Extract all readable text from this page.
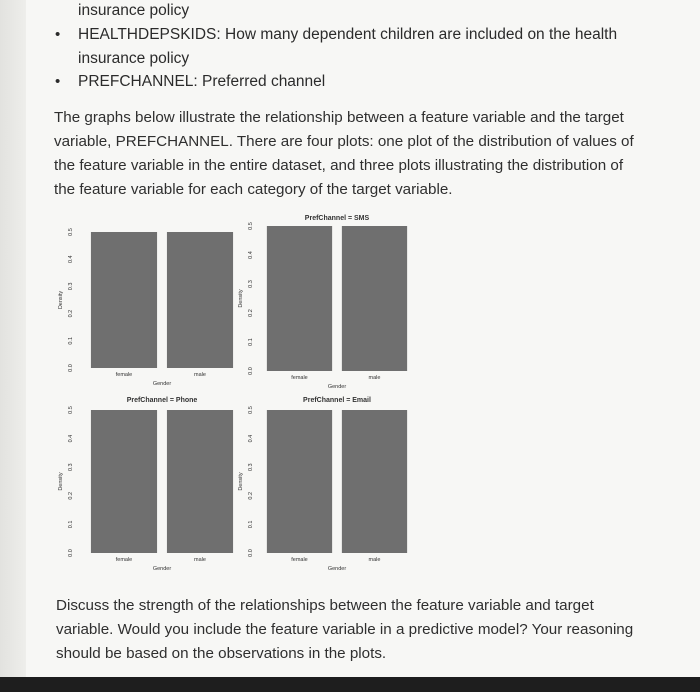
insurance policy
• HEALTHDEPSKIDS: How many dependent children are included on the health
insurance policy
• PREFCHANNEL: Preferred channel
The graphs below illustrate the relationship between a feature variable and the target
variable, PREFCHANNEL. There are four plots: one plot of the distribution of values of
the feature variable in the entire dataset, and three plots illustrating the distribution of
the feature variable for each category of the target variable.
female	male
Gender
0.0
0.1
0.2
0.3
0.4
0.5
Density
PrefChannel = SMS
female	male
Gender
0.0
0.1
0.2
0.3
0.4
0.5
Density
PrefChannel = Phone
female	male
Gender
0.0
0.1
0.2
0.3
0.4
0.5
Density
PrefChannel = Email
female	male
Gender
0.0
0.1
0.2
0.3
0.4
0.5
Density
Discuss the strength of the relationships between the feature variable and target
variable. Would you include the feature variable in a predictive model? Your reasoning
should be based on the observations in the plots.
